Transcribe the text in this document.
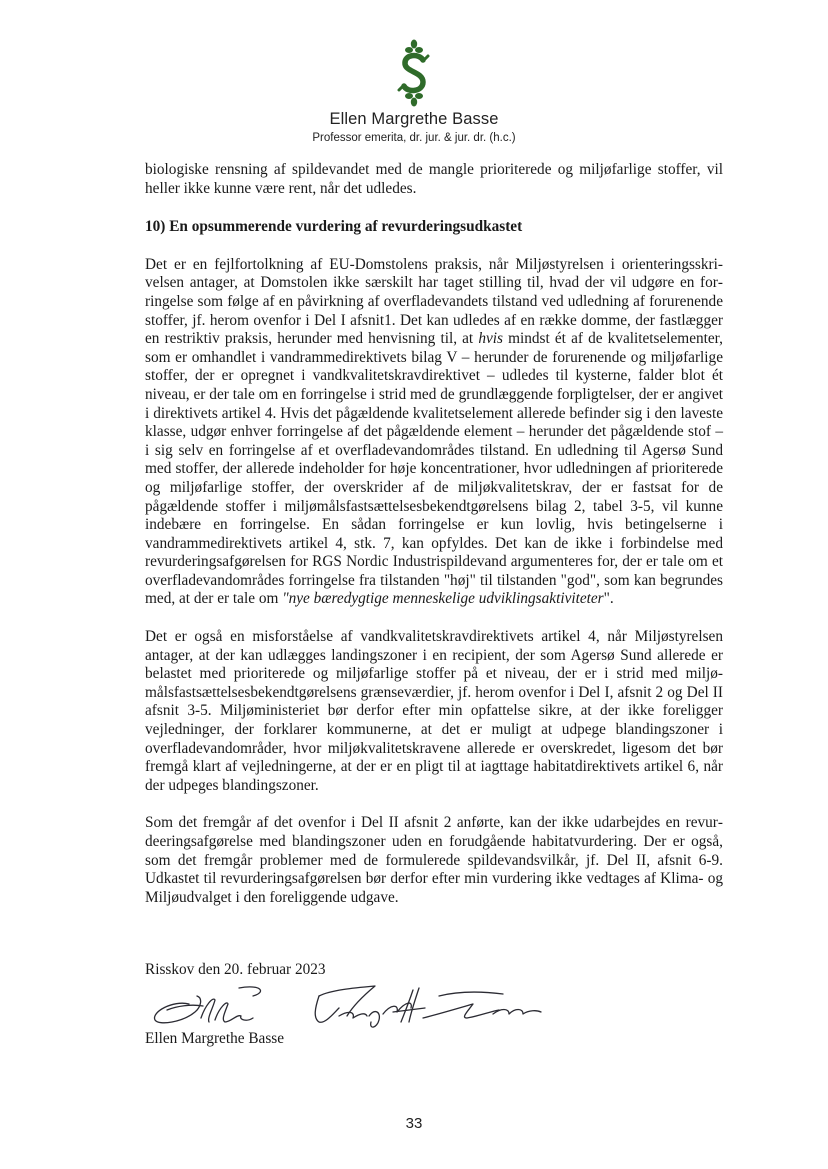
Ellen Margrethe Basse
Professor emerita, dr. jur. & jur. dr. (h.c.)

biologiske rensning af spildevandet med de mangle prioriterede og miljøfarlige stoffer, vil heller ikke kunne være rent, når det udledes.

10) En opsummerende vurdering af revurderingsudkastet

Det er en fejlfortolkning af EU-Domstolens praksis, når Miljøstyrelsen i orienteringsskrivelsen antager, at Domstolen ikke særskilt har taget stilling til, hvad der vil udgøre en forringelse som følge af en påvirkning af overfladevandets tilstand ved udledning af forurenende stoffer, jf. herom ovenfor i Del I afsnit1. Det kan udledes af en række domme, der fastlægger en restriktiv praksis, herunder med henvisning til, at hvis mindst ét af de kvalitetselementer, som er omhandlet i vandrammedirektivets bilag V – herunder de forurenende og miljøfarlige stoffer, der er opregnet i vandkvalitetskravdirektivet – udledes til kysterne, falder blot ét niveau, er der tale om en forringelse i strid med de grundlæggende forpligtelser, der er angivet i direktivets artikel 4. Hvis det pågældende kvalitetselement allerede befinder sig i den laveste klasse, udgør enhver forringelse af det pågældende element – herunder det pågældende stof – i sig selv en forringelse af et overfladevandområdes tilstand. En udledning til Agersø Sund med stoffer, der allerede indeholder for høje koncentrationer, hvor udledningen af prioriterede og miljøfarlige stoffer, der overskrider af de miljøkvalitetskrav, der er fastsat for de pågældende stoffer i miljømålsfastsættelsesbekendtgørelsens bilag 2, tabel 3-5, vil kunne indebære en forringelse. En sådan forringelse er kun lovlig, hvis betingelserne i vandrammedirektivets artikel 4, stk. 7, kan opfyldes. Det kan de ikke i forbindelse med revurderingsafgørelsen for RGS Nordic Industrispildevand argumenteres for, der er tale om et overfladevandområdes forringelse fra tilstanden "høj" til tilstanden "god", som kan begrundes med, at der er tale om "nye bæredygtige menneskelige udviklingsaktiviteter".

Det er også en misforståelse af vandkvalitetskravdirektivets artikel 4, når Miljøstyrelsen antager, at der kan udlægges landingszoner i en recipient, der som Agersø Sund allerede er belastet med prioriterede og miljøfarlige stoffer på et niveau, der er i strid med miljømålsfastsættelsesbekendtgørelsens grænseværdier, jf. herom ovenfor i Del I, afsnit 2 og Del II afsnit 3-5. Miljøministeriet bør derfor efter min opfattelse sikre, at der ikke foreligger vejledninger, der forklarer kommunerne, at det er muligt at udpege blandingszoner i overfladevandområder, hvor miljøkvalitetskravene allerede er overskredet, ligesom det bør fremgå klart af vejledningerne, at der er en pligt til at iagttage habitatdirektivets artikel 6, når der udpeges blandingszoner.

Som det fremgår af det ovenfor i Del II afsnit 2 anførte, kan der ikke udarbejdes en revurdeeringsafgørelse med blandingszoner uden en forudgående habitatvurdering. Der er også, som det fremgår problemer med de formulerede spildevandsvilkår, jf. Del II, afsnit 6-9. Udkastet til revurderingsafgørelsen bør derfor efter min vurdering ikke vedtages af Klima- og Miljøudvalget i den foreliggende udgave.

Risskov den 20. februar 2023

Ellen Margrethe Basse

33
